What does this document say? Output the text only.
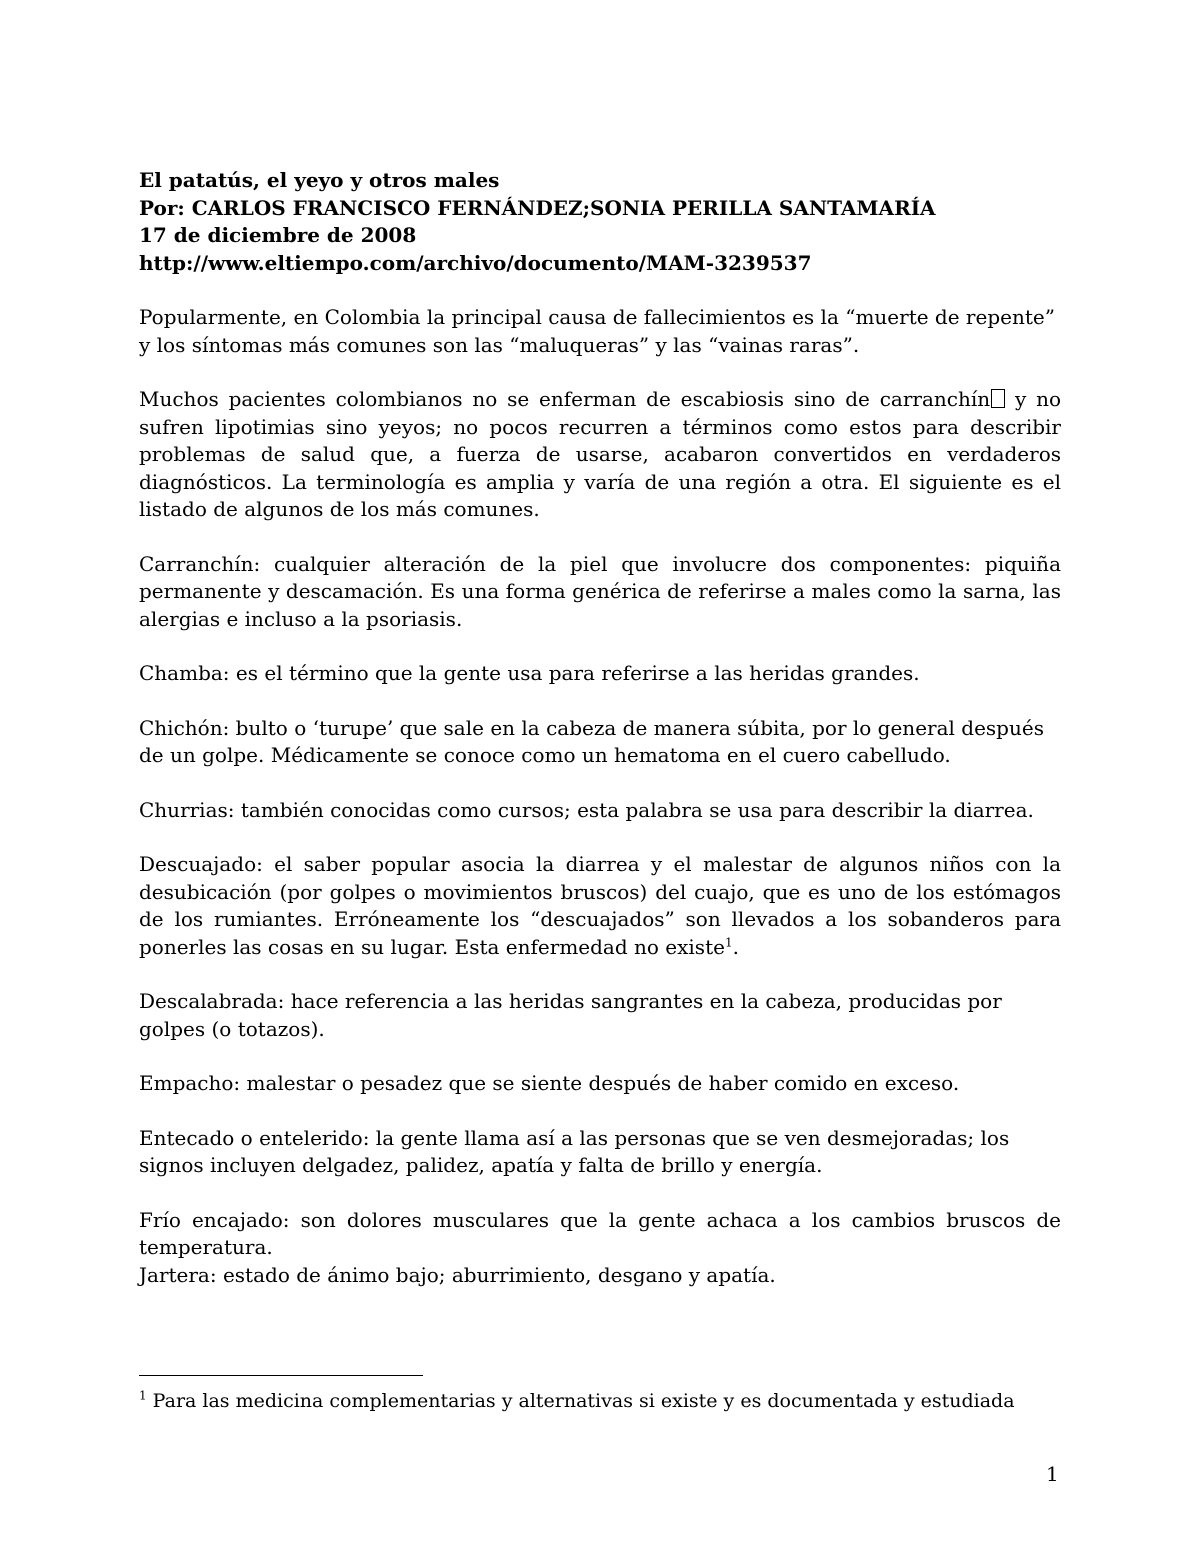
El patatús, el yeyo y otros males
Por: CARLOS FRANCISCO FERNÁNDEZ;SONIA PERILLA SANTAMARÍA
17 de diciembre de 2008
http://www.eltiempo.com/archivo/documento/MAM-3239537

Popularmente, en Colombia la principal causa de fallecimientos es la “muerte de repente” y los síntomas más comunes son las “maluqueras” y las “vainas raras”.

Muchos pacientes colombianos no se enferman de escabiosis sino de carranchín y no sufren lipotimias sino yeyos; no pocos recurren a términos como estos para describir problemas de salud que, a fuerza de usarse, acabaron convertidos en verdaderos diagnósticos. La terminología es amplia y varía de una región a otra. El siguiente es el listado de algunos de los más comunes.

Carranchín: cualquier alteración de la piel que involucre dos componentes: piquiña permanente y descamación. Es una forma genérica de referirse a males como la sarna, las alergias e incluso a la psoriasis.

Chamba: es el término que la gente usa para referirse a las heridas grandes.

Chichón: bulto o ‘turupe’ que sale en la cabeza de manera súbita, por lo general después de un golpe. Médicamente se conoce como un hematoma en el cuero cabelludo.

Churrias: también conocidas como cursos; esta palabra se usa para describir la diarrea.

Descuajado: el saber popular asocia la diarrea y el malestar de algunos niños con la desubicación (por golpes o movimientos bruscos) del cuajo, que es uno de los estómagos de los rumiantes. Erróneamente los “descuajados” son llevados a los sobanderos para ponerles las cosas en su lugar. Esta enfermedad no existe$^1$.

Descalabrada: hace referencia a las heridas sangrantes en la cabeza, producidas por golpes (o totazos).

Empacho: malestar o pesadez que se siente después de haber comido en exceso.

Entecado o entelerido: la gente llama así a las personas que se ven desmejoradas; los signos incluyen delgadez, palidez, apatía y falta de brillo y energía.

Frío encajado: son dolores musculares que la gente achaca a los cambios bruscos de temperatura.

Jartera: estado de ánimo bajo; aburrimiento, desgano y apatía.

$^1$ Para las medicina complementarias y alternativas si existe y es documentada y estudiada
1
